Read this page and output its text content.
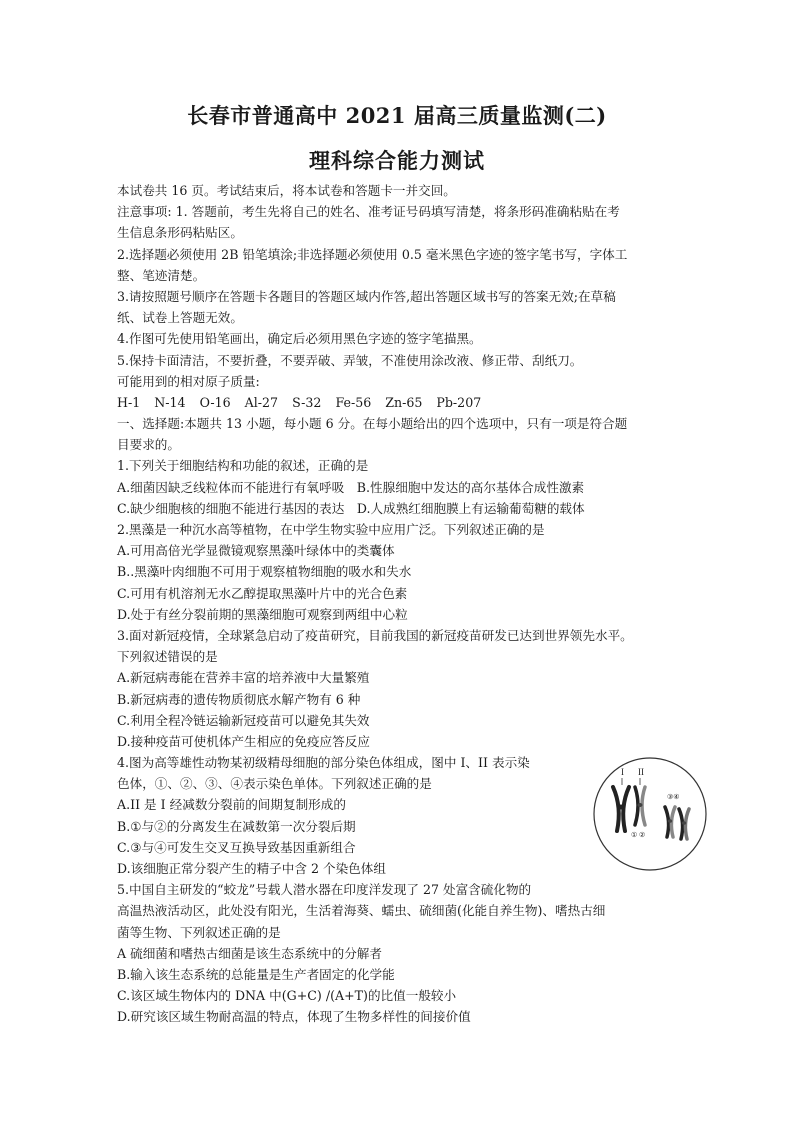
长春市普通高中 2021 届高三质量监测(二)
理科综合能力测试
本试卷共 16 页。考试结束后，将本试卷和答题卡一并交回。
注意事项: 1. 答题前，考生先将自己的姓名、准考证号码填写清楚，将条形码准确粘贴在考
生信息条形码粘贴区。
2.选择题必须使用 2B 铅笔填涂;非选择题必须使用 0.5 毫米黑色字迹的签字笔书写，字体工
整、笔迹清楚。
3.请按照题号顺序在答题卡各题目的答题区域内作答,超出答题区域书写的答案无效;在草稿
纸、试卷上答题无效。
4.作图可先使用铅笔画出，确定后必须用黑色字迹的签字笔描黑。
5.保持卡面清洁，不要折叠，不要弄破、弄皱，不准使用涂改液、修正带、刮纸刀。
可能用到的相对原子质量:
H-1 N-14 O-16 Al-27 S-32 Fe-56 Zn-65 Pb-207
一、选择题:本题共 13 小题，每小题 6 分。在每小题给出的四个选项中，只有一项是符合题
目要求的。
1.下列关于细胞结构和功能的叙述，正确的是
A.细菌因缺乏线粒体而不能进行有氧呼吸　B.性腺细胞中发达的高尔基体合成性激素
C.缺少细胞核的细胞不能进行基因的表达　D.人成熟红细胞膜上有运输葡萄糖的载体
2.黑藻是一种沉水高等植物，在中学生物实验中应用广泛。下列叙述正确的是
A.可用高倍光学显微镜观察黑藻叶绿体中的类囊体
B..黑藻叶肉细胞不可用于观察植物细胞的吸水和失水
C.可用有机溶剂无水乙醇提取黑藻叶片中的光合色素
D.处于有丝分裂前期的黑藻细胞可观察到两组中心粒
3.面对新冠疫情，全球紧急启动了疫苗研究，目前我国的新冠疫苗研发已达到世界领先水平。
下列叙述错误的是
A.新冠病毒能在营养丰富的培养液中大量繁殖
B.新冠病毒的遗传物质彻底水解产物有 6 种
C.利用全程冷链运输新冠疫苗可以避免其失效
D.接种疫苗可使机体产生相应的免疫应答反应
4.图为高等雄性动物某初级精母细胞的部分染色体组成，图中 I、II 表示染
色体，①、②、③、④表示染色单体。下列叙述正确的是
A.II 是 I 经减数分裂前的间期复制形成的
B.①与②的分离发生在减数第一次分裂后期
C.③与④可发生交叉互换导致基因重新组合
D.该细胞正常分裂产生的精子中含 2 个染色体组
5.中国自主研发的“蛟龙”号载人潜水器在印度洋发现了 27 处富含硫化物的
高温热液活动区，此处没有阳光，生活着海葵、蠕虫、硫细菌(化能自养生物)、嗜热古细
菌等生物、下列叙述正确的是
A 硫细菌和嗜热古细菌是该生态系统中的分解者
B.输入该生态系统的总能量是生产者固定的化学能
C.该区域生物体内的 DNA 中(G+C) /(A+T)的比值一般较小
D.研究该区域生物耐高温的特点，体现了生物多样性的间接价值
I II
① ②
③④
